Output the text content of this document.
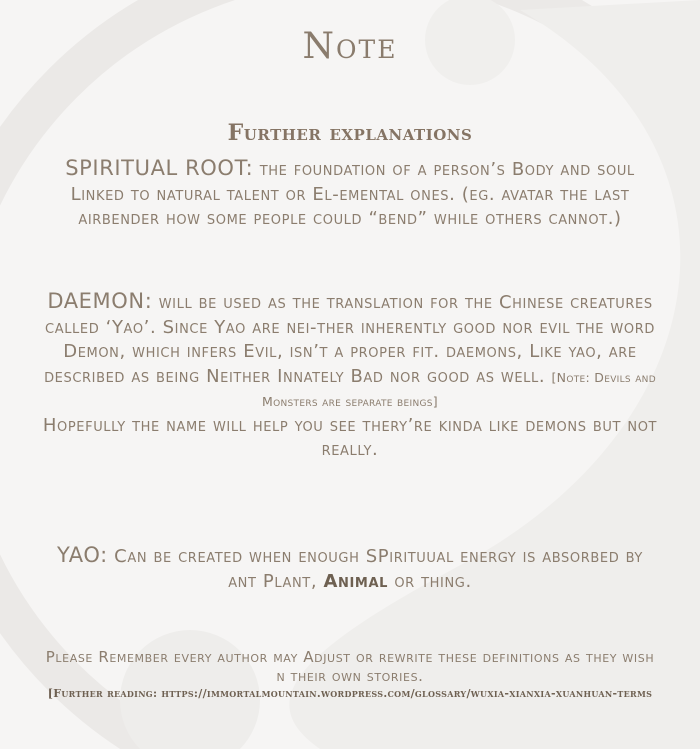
Note
Further explanations
SPIRITUAL ROOT: the foundation of a person’s Body and soul Linked to natural talent or El-emental ones. (eg. avatar the last airbender how some people could “bend” while others cannot.)
DAEMON: will be used as the translation for the Chinese creatures called ‘Yao’. Since Yao are nei-ther inherently good nor evil the word Demon, which infers Evil, isn’t a proper fit. daemons, Like yao, are described as being Neither Innately Bad nor good as well. [Note: Devils and Monsters are separate beings]
Hopefully the name will help you see thery’re kinda like demons but not really.
YAO: Can be created when enough SPirituual energy is absorbed by ant Plant, Animal or thing.
Please Remember every author may Adjust or rewrite these definitions as they wish n their own stories.
[Further reading: https://immortalmountain.wordpress.com/glossary/wuxia-xianxia-xuanhuan-terms
